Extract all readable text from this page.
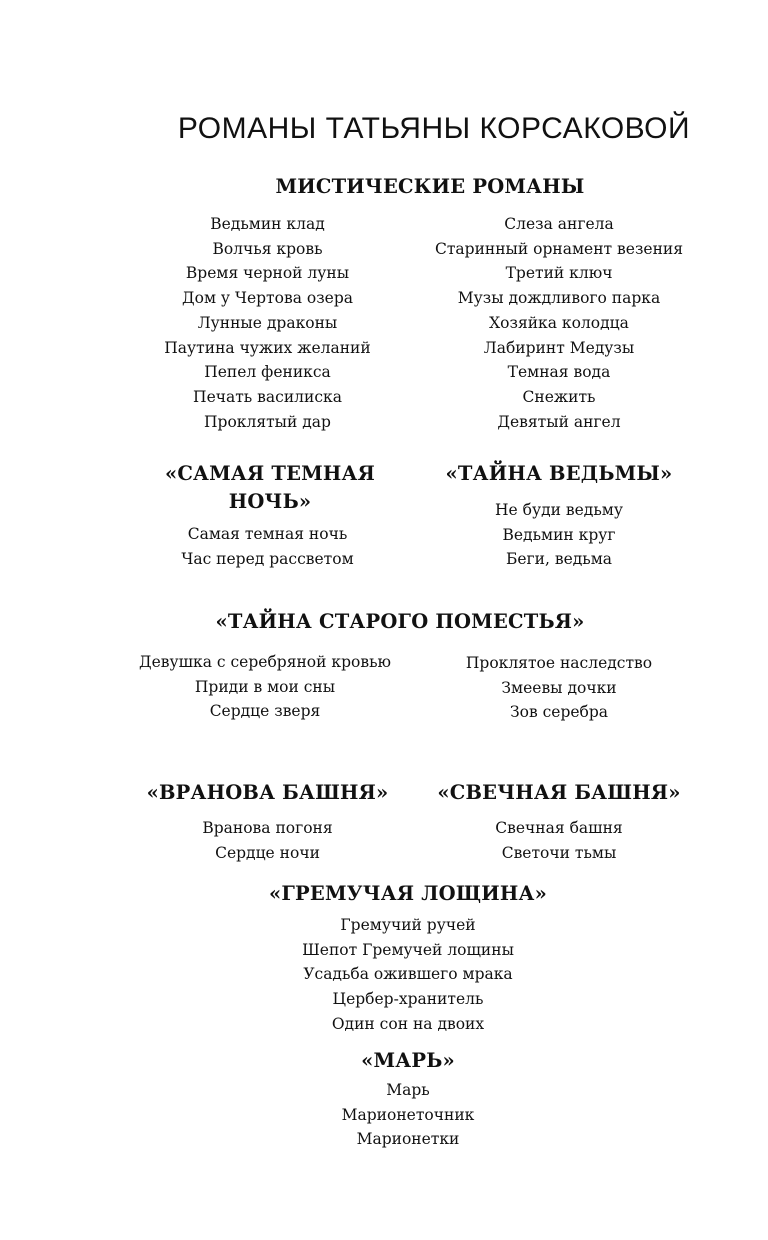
РОМАНЫ ТАТЬЯНЫ КОРСАКОВОЙ
МИСТИЧЕСКИЕ РОМАНЫ
Ведьмин клад
Волчья кровь
Время черной луны
Дом у Чертова озера
Лунные драконы
Паутина чужих желаний
Пепел феникса
Печать василиска
Проклятый дар
Слеза ангела
Старинный орнамент везения
Третий ключ
Музы дождливого парка
Хозяйка колодца
Лабиринт Медузы
Темная вода
Снежить
Девятый ангел
«САМАЯ ТЕМНАЯ НОЧЬ»
Самая темная ночь
Час перед рассветом
«ТАЙНА ВЕДЬМЫ»
Не буди ведьму
Ведьмин круг
Беги, ведьма
«ТАЙНА СТАРОГО ПОМЕСТЬЯ»
Девушка с серебряной кровью
Приди в мои сны
Сердце зверя
Проклятое наследство
Змеевы дочки
Зов серебра
«ВРАНОВА БАШНЯ»
Вранова погоня
Сердце ночи
«СВЕЧНАЯ БАШНЯ»
Свечная башня
Светочи тьмы
«ГРЕМУЧАЯ ЛОЩИНА»
Гремучий ручей
Шепот Гремучей лощины
Усадьба ожившего мрака
Цербер-хранитель
Один сон на двоих
«МАРЬ»
Марь
Марионеточник
Марионетки
